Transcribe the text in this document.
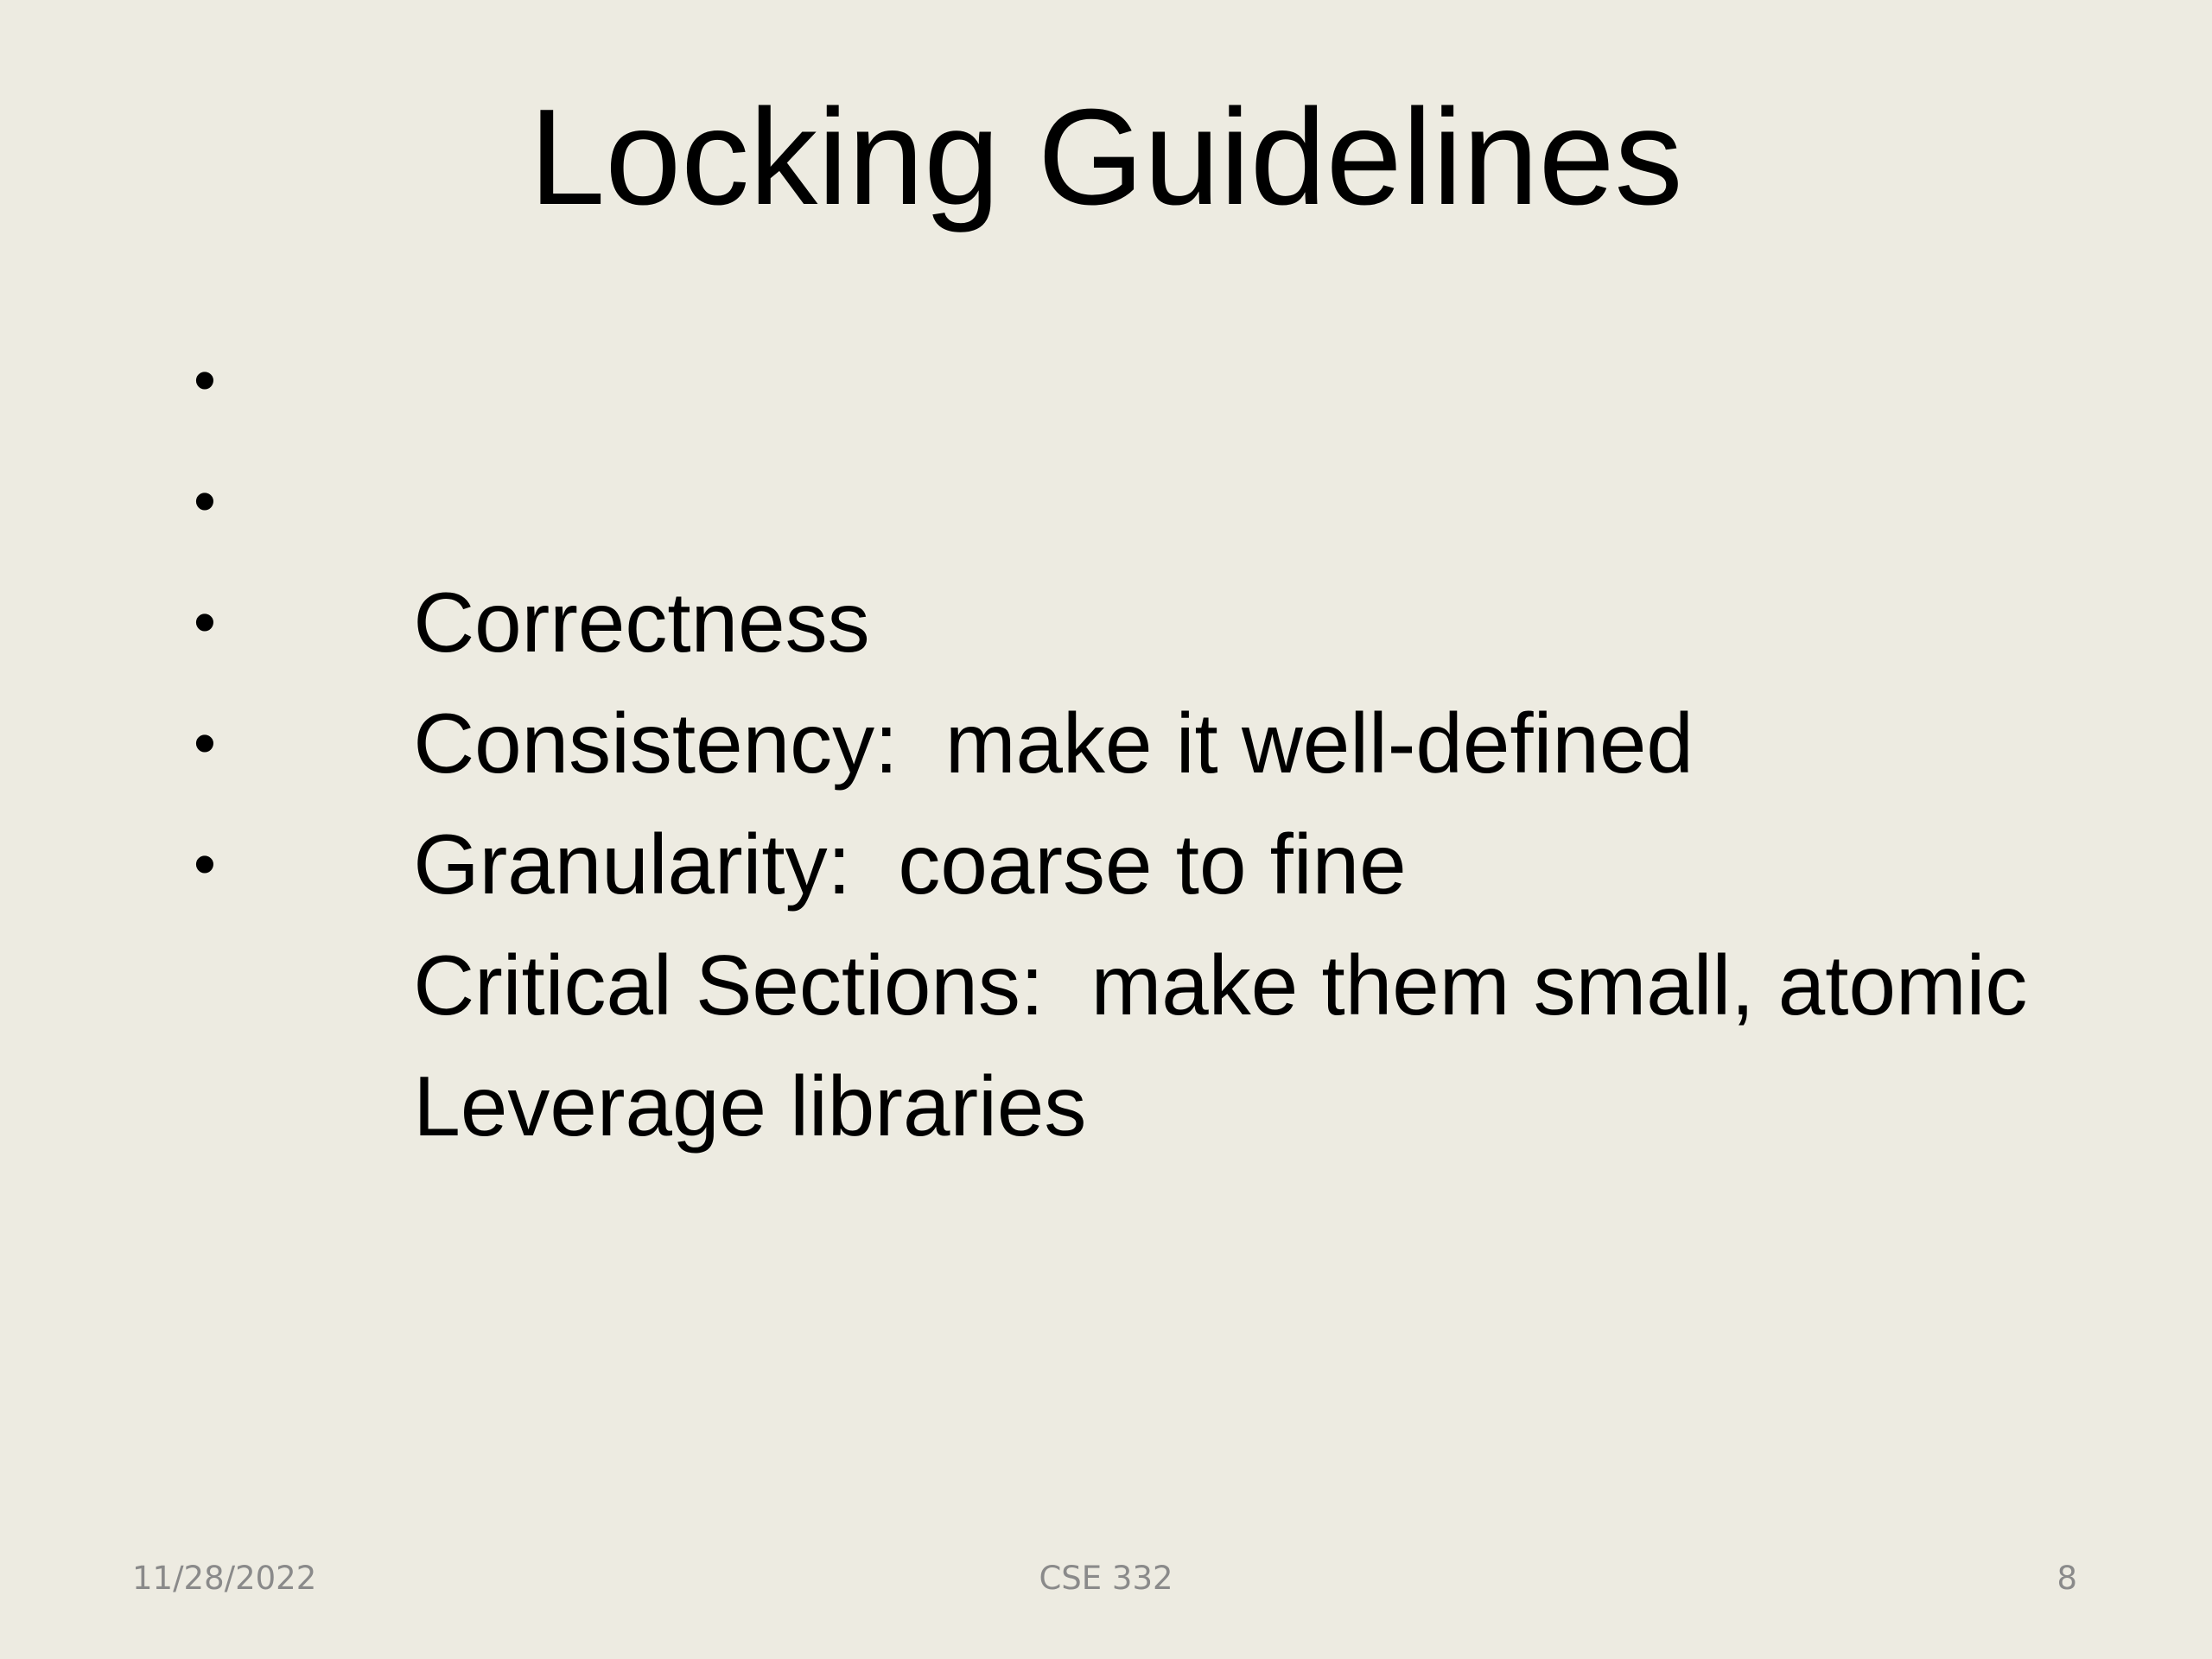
Locking Guidelines

•

Correctness

•

Consistency:  make it well-defined

•

Granularity:  coarse to fine

•

Critical Sections:  make them small, atomic

•

Leverage libraries

11/28/2022	CSE 332	8
